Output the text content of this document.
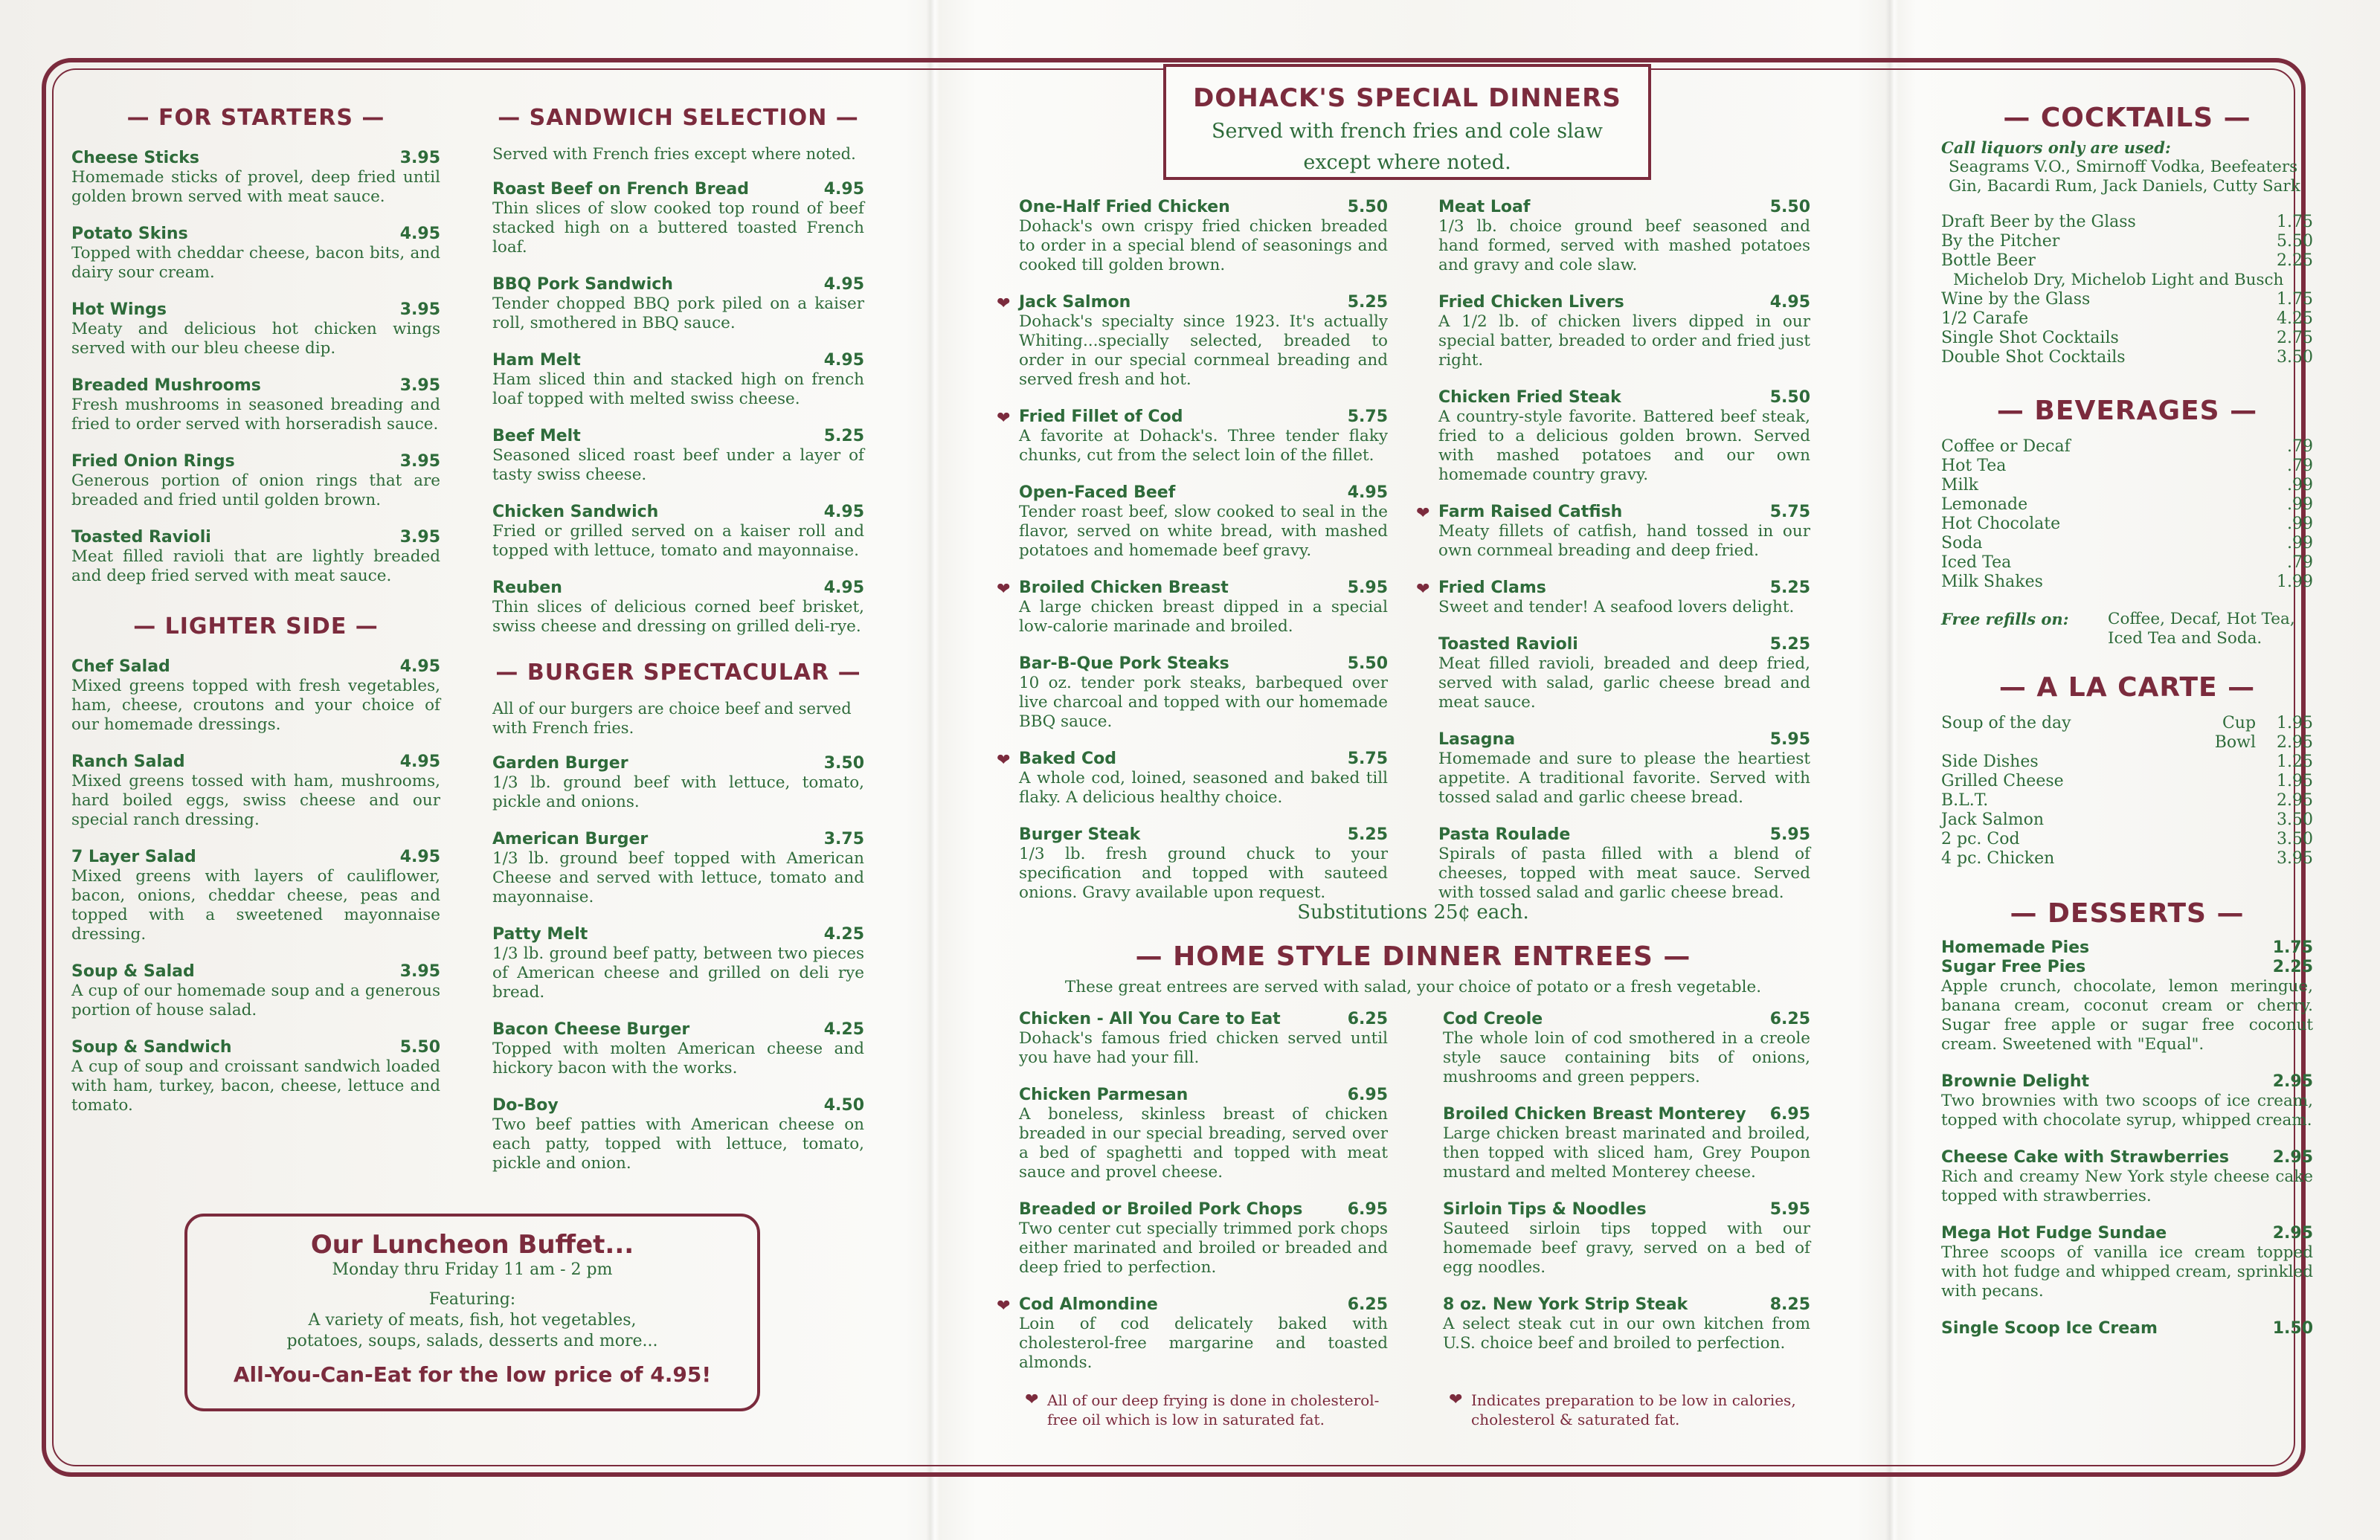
— FOR STARTERS —
Cheese Sticks	3.95
Homemade sticks of provel, deep fried until golden brown served with meat sauce.
Potato Skins	4.95
Topped with cheddar cheese, bacon bits, and dairy sour cream.
Hot Wings	3.95
Meaty and delicious hot chicken wings served with our bleu cheese dip.
Breaded Mushrooms	3.95
Fresh mushrooms in seasoned breading and fried to order served with horseradish sauce.
Fried Onion Rings	3.95
Generous portion of onion rings that are breaded and fried until golden brown.
Toasted Ravioli	3.95
Meat filled ravioli that are lightly breaded and deep fried served with meat sauce.
— LIGHTER SIDE —
Chef Salad	4.95
Mixed greens topped with fresh vegetables, ham, cheese, croutons and your choice of our homemade dressings.
Ranch Salad	4.95
Mixed greens tossed with ham, mushrooms, hard boiled eggs, swiss cheese and our special ranch dressing.
7 Layer Salad	4.95
Mixed greens with layers of cauliflower, bacon, onions, cheddar cheese, peas and topped with a sweetened mayonnaise dressing.
Soup & Salad	3.95
A cup of our homemade soup and a generous portion of house salad.
Soup & Sandwich	5.50
A cup of soup and croissant sandwich loaded with ham, turkey, bacon, cheese, lettuce and tomato.
— SANDWICH SELECTION —
Served with French fries except where noted.
Roast Beef on French Bread	4.95
Thin slices of slow cooked top round of beef stacked high on a buttered toasted French loaf.
BBQ Pork Sandwich	4.95
Tender chopped BBQ pork piled on a kaiser roll, smothered in BBQ sauce.
Ham Melt	4.95
Ham sliced thin and stacked high on french loaf topped with melted swiss cheese.
Beef Melt	5.25
Seasoned sliced roast beef under a layer of tasty swiss cheese.
Chicken Sandwich	4.95
Fried or grilled served on a kaiser roll and topped with lettuce, tomato and mayonnaise.
Reuben	4.95
Thin slices of delicious corned beef brisket, swiss cheese and dressing on grilled deli-rye.
— BURGER SPECTACULAR —
All of our burgers are choice beef and served with French fries.
Garden Burger	3.50
1/3 lb. ground beef with lettuce, tomato, pickle and onions.
American Burger	3.75
1/3 lb. ground beef topped with American Cheese and served with lettuce, tomato and mayonnaise.
Patty Melt	4.25
1/3 lb. ground beef patty, between two pieces of American cheese and grilled on deli rye bread.
Bacon Cheese Burger	4.25
Topped with molten American cheese and hickory bacon with the works.
Do-Boy	4.50
Two beef patties with American cheese on each patty, topped with lettuce, tomato, pickle and onion.
Our Luncheon Buffet...
Monday thru Friday 11 am - 2 pm
Featuring:
A variety of meats, fish, hot vegetables,
potatoes, soups, salads, desserts and more...
All-You-Can-Eat for the low price of 4.95!
DOHACK'S SPECIAL DINNERS
Served with french fries and cole slaw
except where noted.
One-Half Fried Chicken	5.50
Dohack's own crispy fried chicken breaded to order in a special blend of seasonings and cooked till golden brown.
❤ Jack Salmon	5.25
Dohack's specialty since 1923. It's actually Whiting...specially selected, breaded to order in our special cornmeal breading and served fresh and hot.
❤ Fried Fillet of Cod	5.75
A favorite at Dohack's. Three tender flaky chunks, cut from the select loin of the fillet.
Open-Faced Beef	4.95
Tender roast beef, slow cooked to seal in the flavor, served on white bread, with mashed potatoes and homemade beef gravy.
❤ Broiled Chicken Breast	5.95
A large chicken breast dipped in a special low-calorie marinade and broiled.
Bar-B-Que Pork Steaks	5.50
10 oz. tender pork steaks, barbequed over live charcoal and topped with our homemade BBQ sauce.
❤ Baked Cod	5.75
A whole cod, loined, seasoned and baked till flaky. A delicious healthy choice.
Burger Steak	5.25
1/3 lb. fresh ground chuck to your specification and topped with sauteed onions. Gravy available upon request.
Meat Loaf	5.50
1/3 lb. choice ground beef seasoned and hand formed, served with mashed potatoes and gravy and cole slaw.
Fried Chicken Livers	4.95
A 1/2 lb. of chicken livers dipped in our special batter, breaded to order and fried just right.
Chicken Fried Steak	5.50
A country-style favorite. Battered beef steak, fried to a delicious golden brown. Served with mashed potatoes and our own homemade country gravy.
❤ Farm Raised Catfish	5.75
Meaty fillets of catfish, hand tossed in our own cornmeal breading and deep fried.
❤ Fried Clams	5.25
Sweet and tender! A seafood lovers delight.
Toasted Ravioli	5.25
Meat filled ravioli, breaded and deep fried, served with salad, garlic cheese bread and meat sauce.
Lasagna	5.95
Homemade and sure to please the heartiest appetite. A traditional favorite. Served with tossed salad and garlic cheese bread.
Pasta Roulade	5.95
Spirals of pasta filled with a blend of cheeses, topped with meat sauce. Served with tossed salad and garlic cheese bread.
Substitutions 25¢ each.
— HOME STYLE DINNER ENTREES —
These great entrees are served with salad, your choice of potato or a fresh vegetable.
Chicken - All You Care to Eat	6.25
Dohack's famous fried chicken served until you have had your fill.
Chicken Parmesan	6.95
A boneless, skinless breast of chicken breaded in our special breading, served over a bed of spaghetti and topped with meat sauce and provel cheese.
Breaded or Broiled Pork Chops	6.95
Two center cut specially trimmed pork chops either marinated and broiled or breaded and deep fried to perfection.
❤ Cod Almondine	6.25
Loin of cod delicately baked with cholesterol-free margarine and toasted almonds.
Cod Creole	6.25
The whole loin of cod smothered in a creole style sauce containing bits of onions, mushrooms and green peppers.
Broiled Chicken Breast Monterey 6.95
Large chicken breast marinated and broiled, then topped with sliced ham, Grey Poupon mustard and melted Monterey cheese.
Sirloin Tips & Noodles	5.95
Sauteed sirloin tips topped with our homemade beef gravy, served on a bed of egg noodles.
8 oz. New York Strip Steak	8.25
A select steak cut in our own kitchen from U.S. choice beef and broiled to perfection.
❤ All of our deep frying is done in cholesterol-free oil which is low in saturated fat.
❤ Indicates preparation to be low in calories, cholesterol & saturated fat.
— COCKTAILS —
Call liquors only are used:
Seagrams V.O., Smirnoff Vodka, Beefeaters Gin, Bacardi Rum, Jack Daniels, Cutty Sark
Draft Beer by the Glass	1.75
By the Pitcher	5.50
Bottle Beer	2.25
Michelob Dry, Michelob Light and Busch
Wine by the Glass	1.75
1/2 Carafe	4.25
Single Shot Cocktails	2.75
Double Shot Cocktails	3.50
— BEVERAGES —
Coffee or Decaf	.79
Hot Tea	.79
Milk	.99
Lemonade	.99
Hot Chocolate	.99
Soda	.99
Iced Tea	.79
Milk Shakes	1.99
Free refills on:	Coffee, Decaf, Hot Tea, Iced Tea and Soda.
— A LA CARTE —
Soup of the day	Cup 1.95
Bowl
2.95
Side Dishes	1.25
Grilled Cheese	1.95
B.L.T.	2.95
Jack Salmon	3.50
2 pc. Cod	3.50
4 pc. Chicken	3.95
— DESSERTS —
Homemade Pies	1.75
Sugar Free Pies	2.25
Apple crunch, chocolate, lemon meringue, banana cream, coconut cream or cherry. Sugar free apple or sugar free coconut cream. Sweetened with "Equal".
Brownie Delight	2.95
Two brownies with two scoops of ice cream, topped with chocolate syrup, whipped cream.
Cheese Cake with Strawberries	2.95
Rich and creamy New York style cheese cake topped with strawberries.
Mega Hot Fudge Sundae	2.95
Three scoops of vanilla ice cream topped with hot fudge and whipped cream, sprinkled with pecans.
Single Scoop Ice Cream	1.50
